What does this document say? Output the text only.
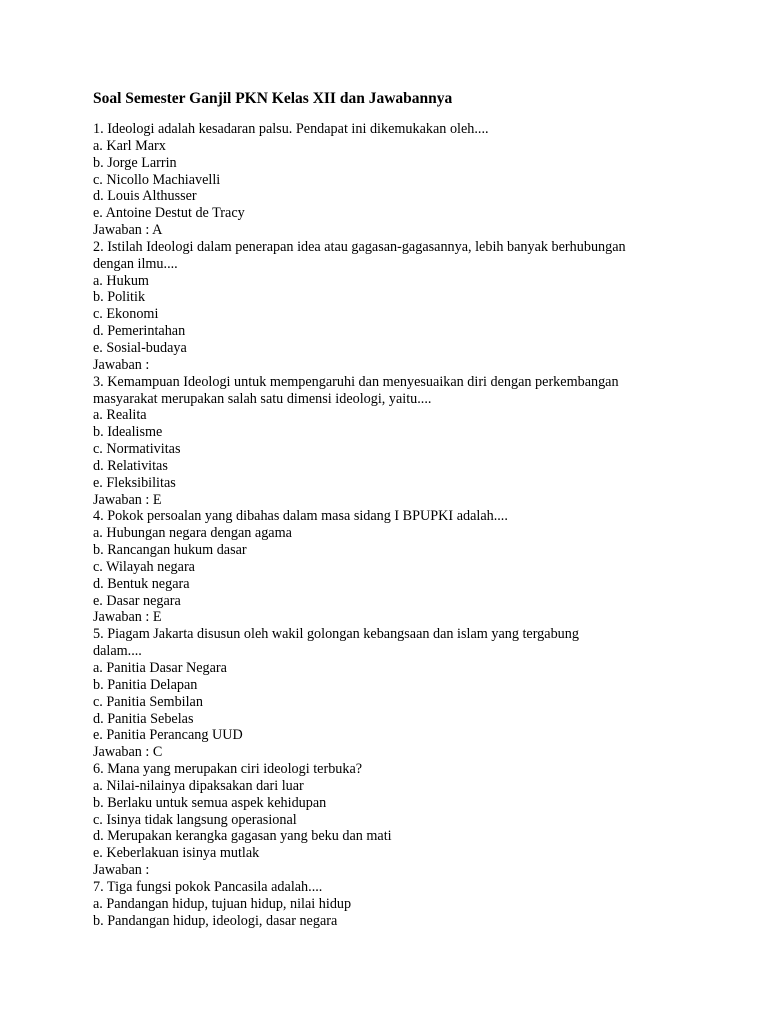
Soal Semester Ganjil PKN Kelas XII dan Jawabannya
1. Ideologi adalah kesadaran palsu. Pendapat ini dikemukakan oleh....
a. Karl Marx
b. Jorge Larrin
c. Nicollo Machiavelli
d. Louis Althusser
e. Antoine Destut de Tracy
Jawaban : A
2. Istilah Ideologi dalam penerapan idea atau gagasan-gagasannya, lebih banyak berhubungan
dengan ilmu....
a. Hukum
b. Politik
c. Ekonomi
d. Pemerintahan
e. Sosial-budaya
Jawaban :
3. Kemampuan Ideologi untuk mempengaruhi dan menyesuaikan diri dengan perkembangan
masyarakat merupakan salah satu dimensi ideologi, yaitu....
a. Realita
b. Idealisme
c. Normativitas
d. Relativitas
e. Fleksibilitas
Jawaban : E
4. Pokok persoalan yang dibahas dalam masa sidang I BPUPKI adalah....
a. Hubungan negara dengan agama
b. Rancangan hukum dasar
c. Wilayah negara
d. Bentuk negara
e. Dasar negara
Jawaban : E
5. Piagam Jakarta disusun oleh wakil golongan kebangsaan dan islam yang tergabung
dalam....
a. Panitia Dasar Negara
b. Panitia Delapan
c. Panitia Sembilan
d. Panitia Sebelas
e. Panitia Perancang UUD
Jawaban : C
6. Mana yang merupakan ciri ideologi terbuka?
a. Nilai-nilainya dipaksakan dari luar
b. Berlaku untuk semua aspek kehidupan
c. Isinya tidak langsung operasional
d. Merupakan kerangka gagasan yang beku dan mati
e. Keberlakuan isinya mutlak
Jawaban :
7. Tiga fungsi pokok Pancasila adalah....
a. Pandangan hidup, tujuan hidup, nilai hidup
b. Pandangan hidup, ideologi, dasar negara
